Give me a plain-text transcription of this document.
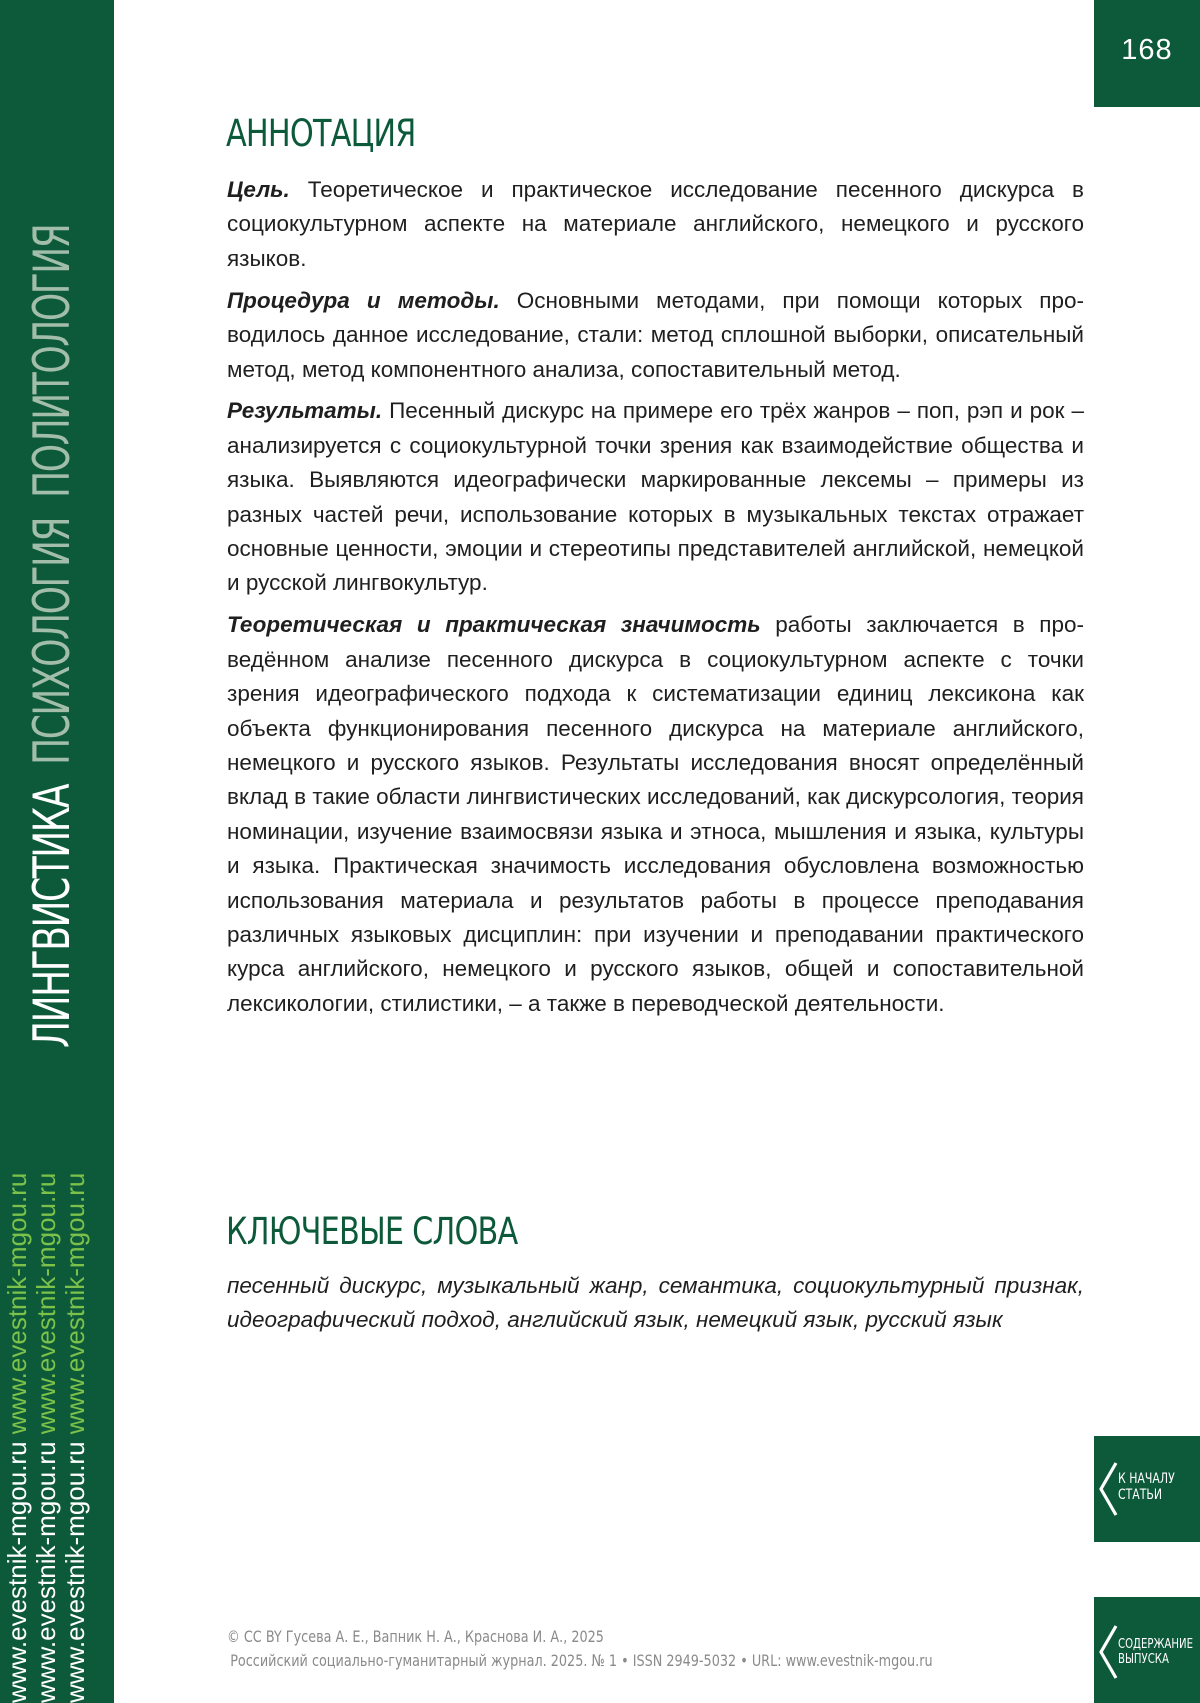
ЛИНГВИСТИКА  ПСИХОЛОГИЯ  ПОЛИТОЛОГИЯ
www.evestnik-mgou.ru www.evestnik-mgou.ru
www.evestnik-mgou.ru www.evestnik-mgou.ru
www.evestnik-mgou.ru www.evestnik-mgou.ru
168
АННОТАЦИЯ

Цель. Теоретическое и практическое исследование песенного дискурса в социокультурном аспекте на материале английского, немецкого и русского языков.

Процедура и методы. Основными методами, при помощи которых проводилось данное исследование, стали: метод сплошной выборки, описательный метод, метод компонентного анализа, сопоставительный метод.

Результаты. Песенный дискурс на примере его трёх жанров – поп, рэп и рок – анализируется с социокультурной точки зрения как взаимодействие общества и языка. Выявляются идеографически маркированные лексемы – примеры из разных частей речи, использование которых в музыкальных текстах отражает основные ценности, эмоции и стереотипы представителей английской, немецкой и русской лингвокультур.

Теоретическая и практическая значимость работы заключается в проведённом анализе песенного дискурса в социокультурном аспекте с точки зрения идеографического подхода к систематизации единиц лексикона как объекта функционирования песенного дискурса на материале английского, немецкого и русского языков. Результаты исследования вносят определённый вклад в такие области лингвистических исследований, как дискурсология, теория номинации, изучение взаимосвязи языка и этноса, мышления и языка, культуры и языка. Практическая значимость исследования обусловлена возможностью использования материала и результатов работы в процессе преподавания различных языковых дисциплин: при изучении и преподавании практического курса английского, немецкого и русского языков, общей и сопоставительной лексикологии, стилистики, – а также в переводческой деятельности.

КЛЮЧЕВЫЕ СЛОВА

песенный дискурс, музыкальный жанр, семантика, социокультурный признак, идеографический подход, английский язык, немецкий язык, русский язык

К НАЧАЛУ
СТАТЬИ
СОДЕРЖАНИЕ
ВЫПУСКА
© CC BY Гусева А. Е., Вапник Н. А., Краснова И. А., 2025
Российский социально-гуманитарный журнал. 2025. № 1 • ISSN 2949-5032 • URL: www.evestnik-mgou.ru
